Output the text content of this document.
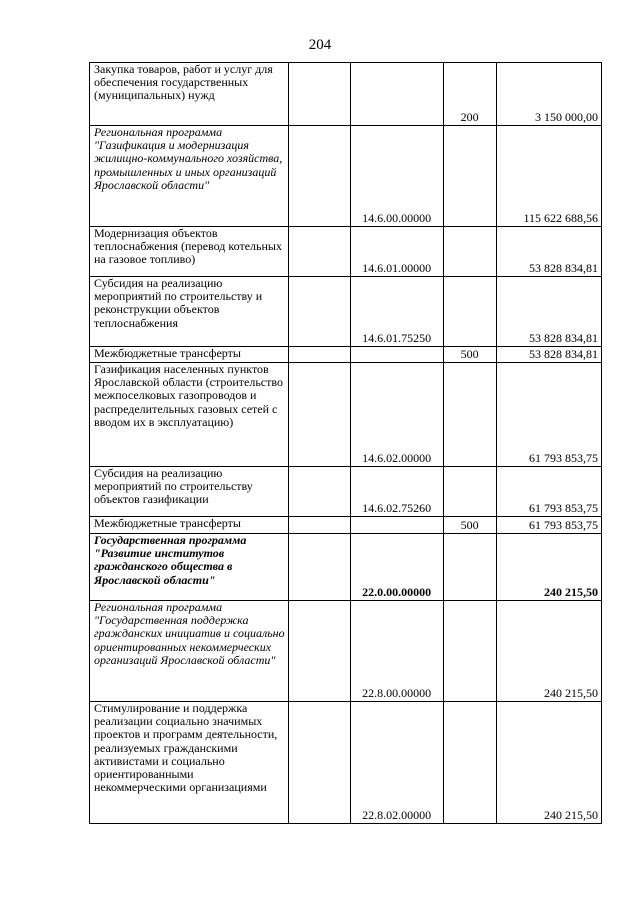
204
Закупка товаров, работ и услуг для обеспечения государственных (муниципальных) нужд			200	3 150 000,00
Региональная программа "Газификация и модернизация жилищно-коммунального хозяйства, промышленных и иных организаций Ярославской области"		14.6.00.00000		115 622 688,56
Модернизация объектов теплоснабжения (перевод котельных на газовое топливо)		14.6.01.00000		53 828 834,81
Субсидия на реализацию мероприятий по строительству и реконструкции объектов теплоснабжения		14.6.01.75250		53 828 834,81
Межбюджетные трансферты			500	53 828 834,81
Газификация населенных пунктов Ярославской области (строительство межпоселковых газопроводов и распределительных газовых сетей с вводом их в эксплуатацию)		14.6.02.00000		61 793 853,75
Субсидия на реализацию мероприятий по строительству объектов газификации		14.6.02.75260		61 793 853,75
Межбюджетные трансферты			500	61 793 853,75
Государственная программа "Развитие институтов гражданского общества в Ярославской области"		22.0.00.00000		240 215,50
Региональная программа "Государственная поддержка гражданских инициатив и социально ориентированных некоммерческих организаций Ярославской области"		22.8.00.00000		240 215,50
Стимулирование и поддержка реализации социально значимых проектов и программ деятельности, реализуемых гражданскими активистами и социально ориентированными некоммерческими организациями		22.8.02.00000		240 215,50
